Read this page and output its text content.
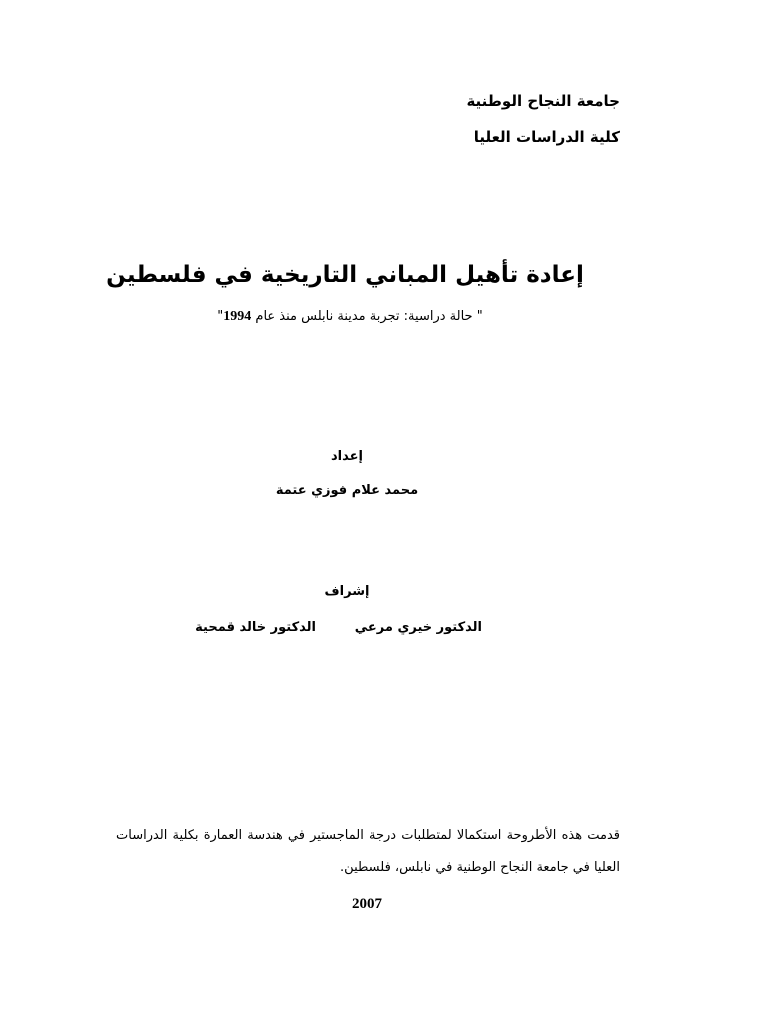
جامعة النجاح الوطنية
كلية الدراسات العليا
إعادة تأهيل المباني التاريخية في فلسطين
" حالة دراسية: تجربة مدينة نابلس منذ عام 1994"
إعداد
محمد علام فوزي عتمة
إشراف
الدكتور خيري مرعي
الدكتور خالد قمحية
قدمت هذه الأطروحة استكمالا لمتطلبات درجة الماجستير في هندسة العمارة بكلية الدراسات العليا في جامعة النجاح الوطنية في نابلس، فلسطين.
2007
